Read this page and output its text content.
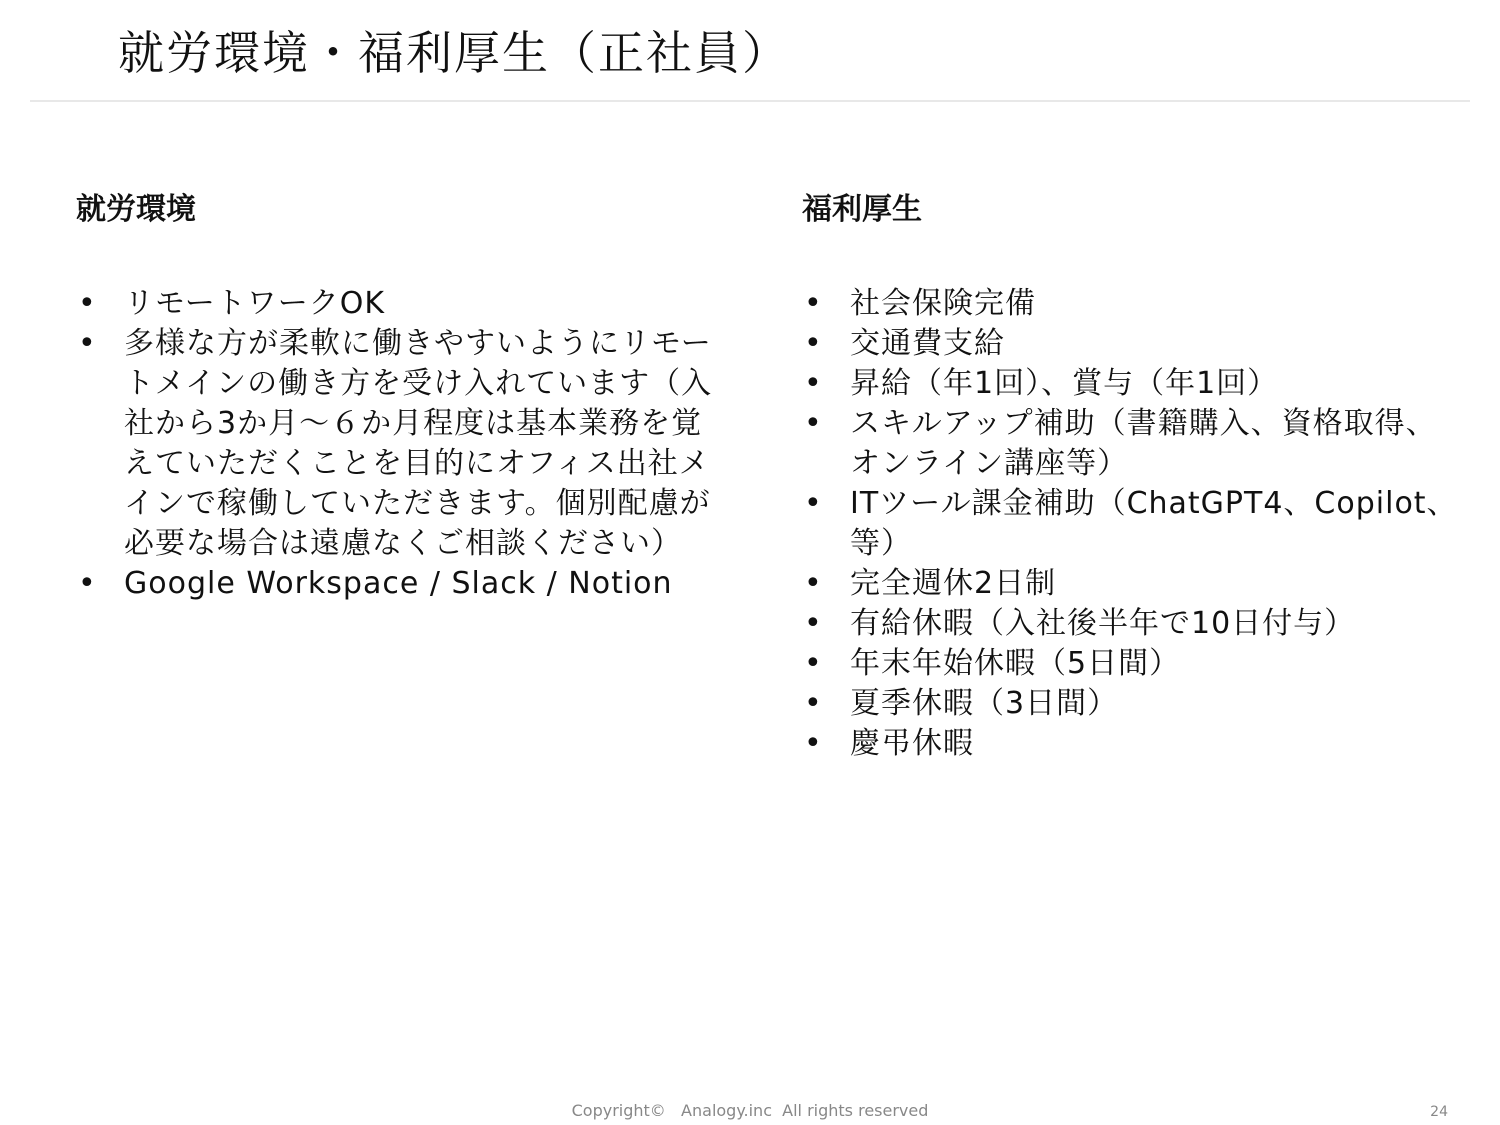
就労環境・福利厚生（正社員）
就労環境
• リモートワークOK
• 多様な方が柔軟に働きやすいようにリモートメインの働き方を受け入れています（入社から3か月～６か月程度は基本業務を覚えていただくことを目的にオフィス出社メインで稼働していただきます。個別配慮が必要な場合は遠慮なくご相談ください）
• Google Workspace / Slack / Notion
福利厚生
• 社会保険完備
• 交通費支給
• 昇給（年1回）、賞与（年1回）
• スキルアップ補助（書籍購入、資格取得、オンライン講座等）
• ITツール課金補助（ChatGPT4、Copilot、等）
• 完全週休2日制
• 有給休暇（入社後半年で10日付与）
• 年末年始休暇（5日間）
• 夏季休暇（3日間）
• 慶弔休暇
Copyright©   Analogy.inc  All rights reserved	24
